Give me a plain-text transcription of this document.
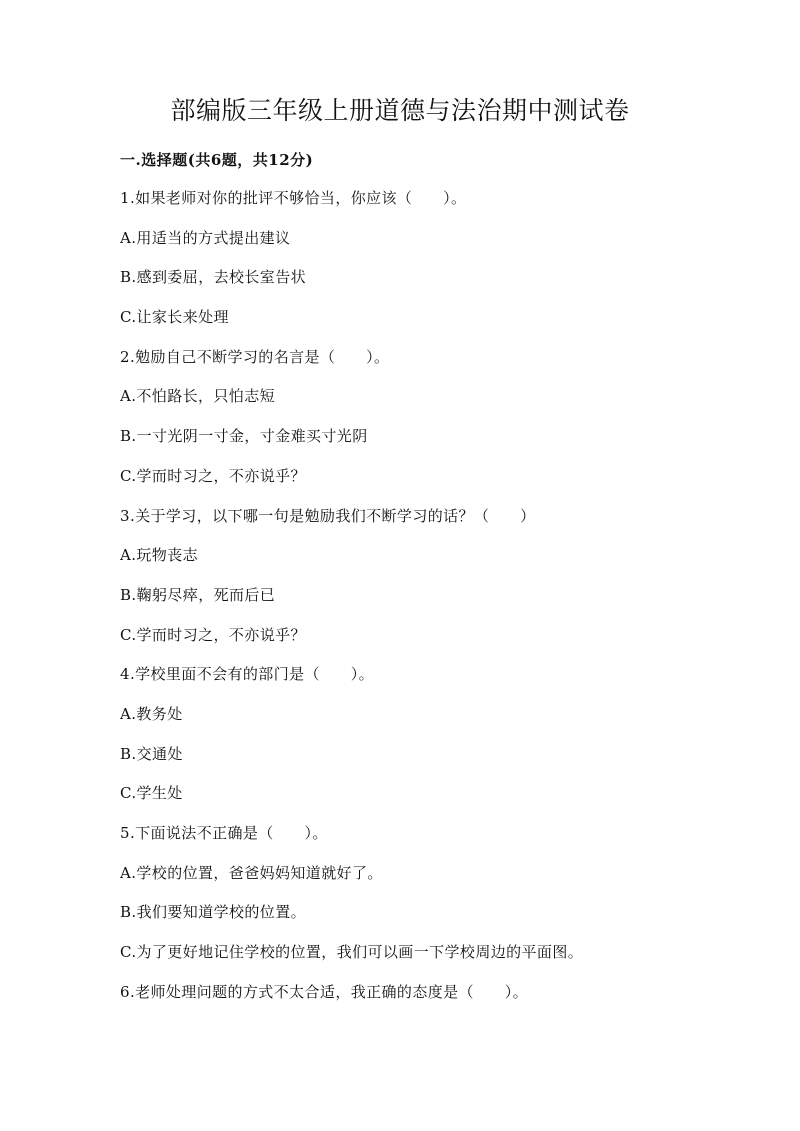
部编版三年级上册道德与法治期中测试卷
一.选择题(共6题，共12分)
1.如果老师对你的批评不够恰当，你应该（　　）。
A.用适当的方式提出建议
B.感到委屈，去校长室告状
C.让家长来处理
2.勉励自己不断学习的名言是（　　）。
A.不怕路长，只怕志短
B.一寸光阴一寸金，寸金难买寸光阴
C.学而时习之，不亦说乎？
3.关于学习，以下哪一句是勉励我们不断学习的话？（　　）
A.玩物丧志
B.鞠躬尽瘁，死而后已
C.学而时习之，不亦说乎？
4.学校里面不会有的部门是（　　）。
A.教务处
B.交通处
C.学生处
5.下面说法不正确是（　　）。
A.学校的位置，爸爸妈妈知道就好了。
B.我们要知道学校的位置。
C.为了更好地记住学校的位置，我们可以画一下学校周边的平面图。
6.老师处理问题的方式不太合适，我正确的态度是（　　）。
